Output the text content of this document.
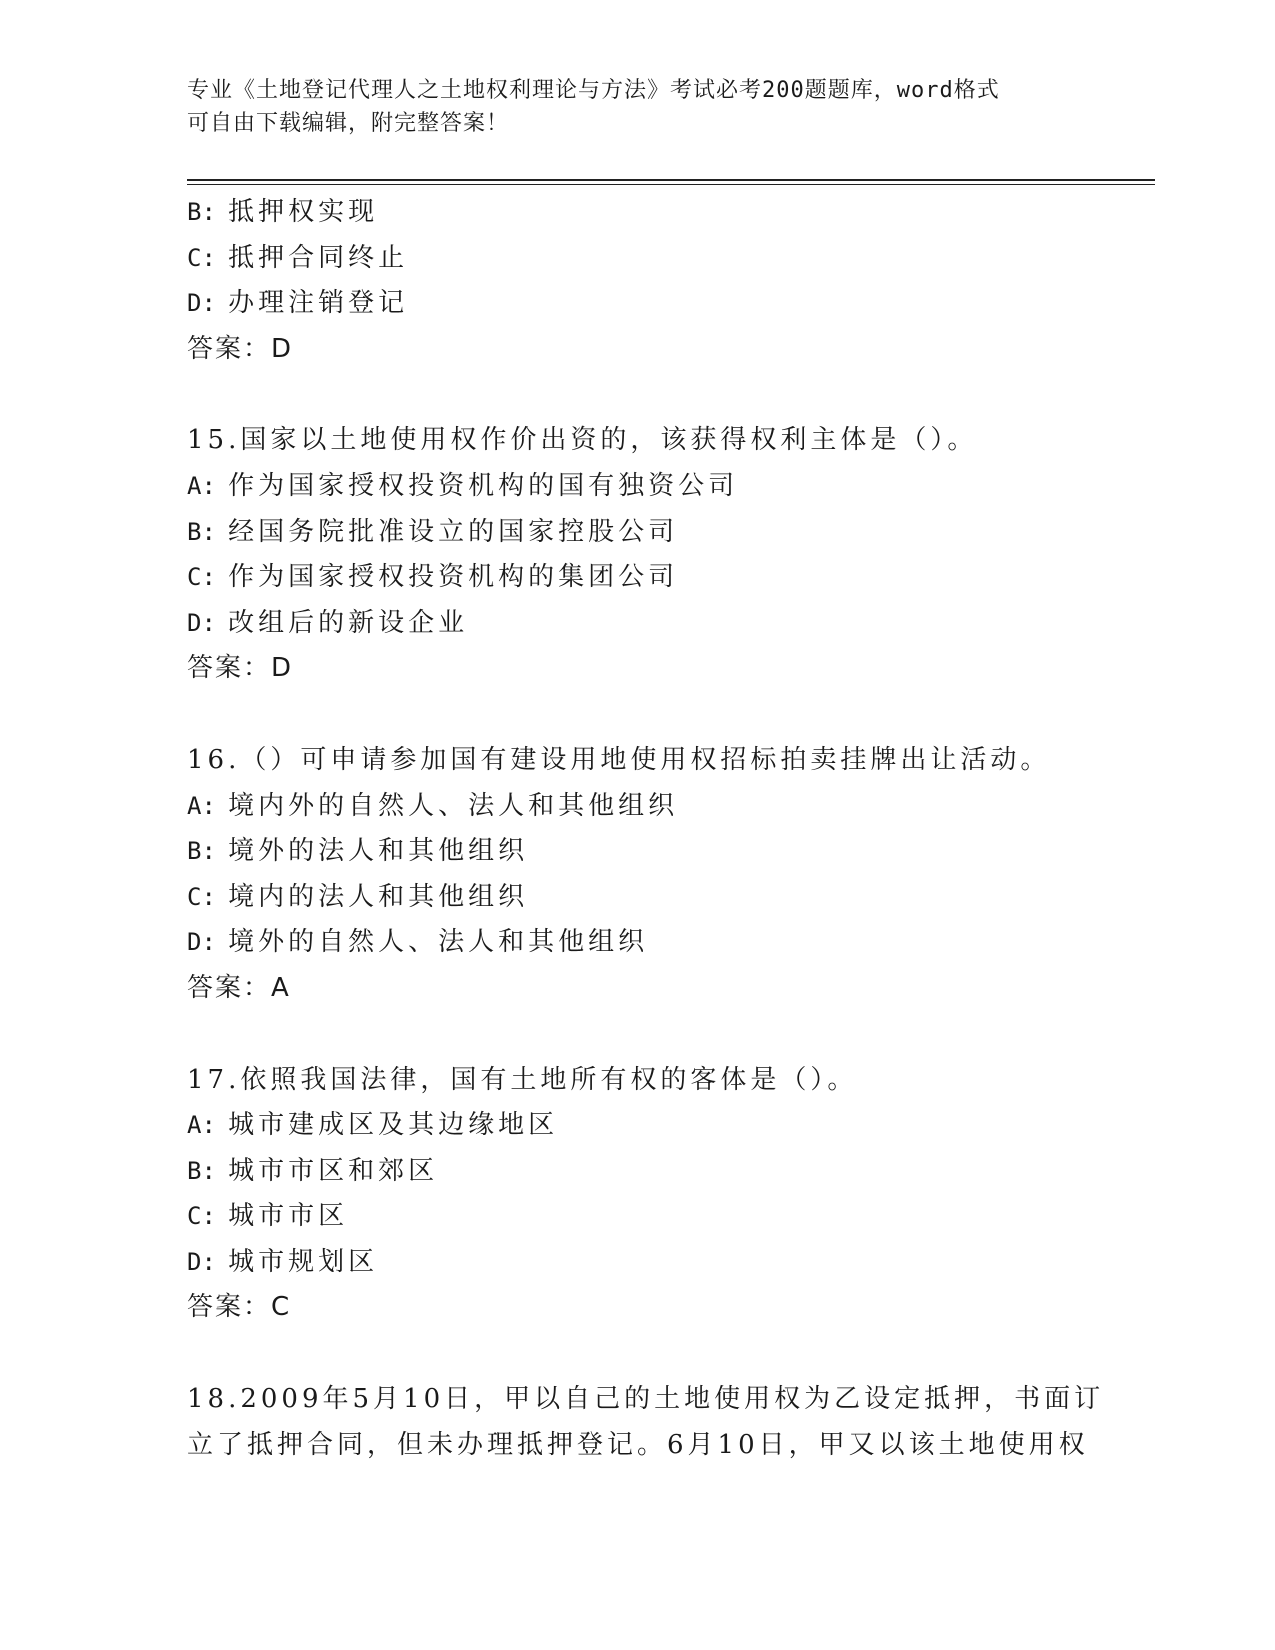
专业《土地登记代理人之土地权利理论与方法》考试必考200题题库，word格式
可自由下载编辑，附完整答案！
B: 抵押权实现
C: 抵押合同终止
D: 办理注销登记
答案：D
15.国家以土地使用权作价出资的，该获得权利主体是（）。
A: 作为国家授权投资机构的国有独资公司
B: 经国务院批准设立的国家控股公司
C: 作为国家授权投资机构的集团公司
D: 改组后的新设企业
答案：D
16.（）可申请参加国有建设用地使用权招标拍卖挂牌出让活动。
A: 境内外的自然人、法人和其他组织
B: 境外的法人和其他组织
C: 境内的法人和其他组织
D: 境外的自然人、法人和其他组织
答案：A
17.依照我国法律，国有土地所有权的客体是（）。
A: 城市建成区及其边缘地区
B: 城市市区和郊区
C: 城市市区
D: 城市规划区
答案：C
18.2009年5月10日，甲以自己的土地使用权为乙设定抵押，书面订
立了抵押合同，但未办理抵押登记。6月10日，甲又以该土地使用权
